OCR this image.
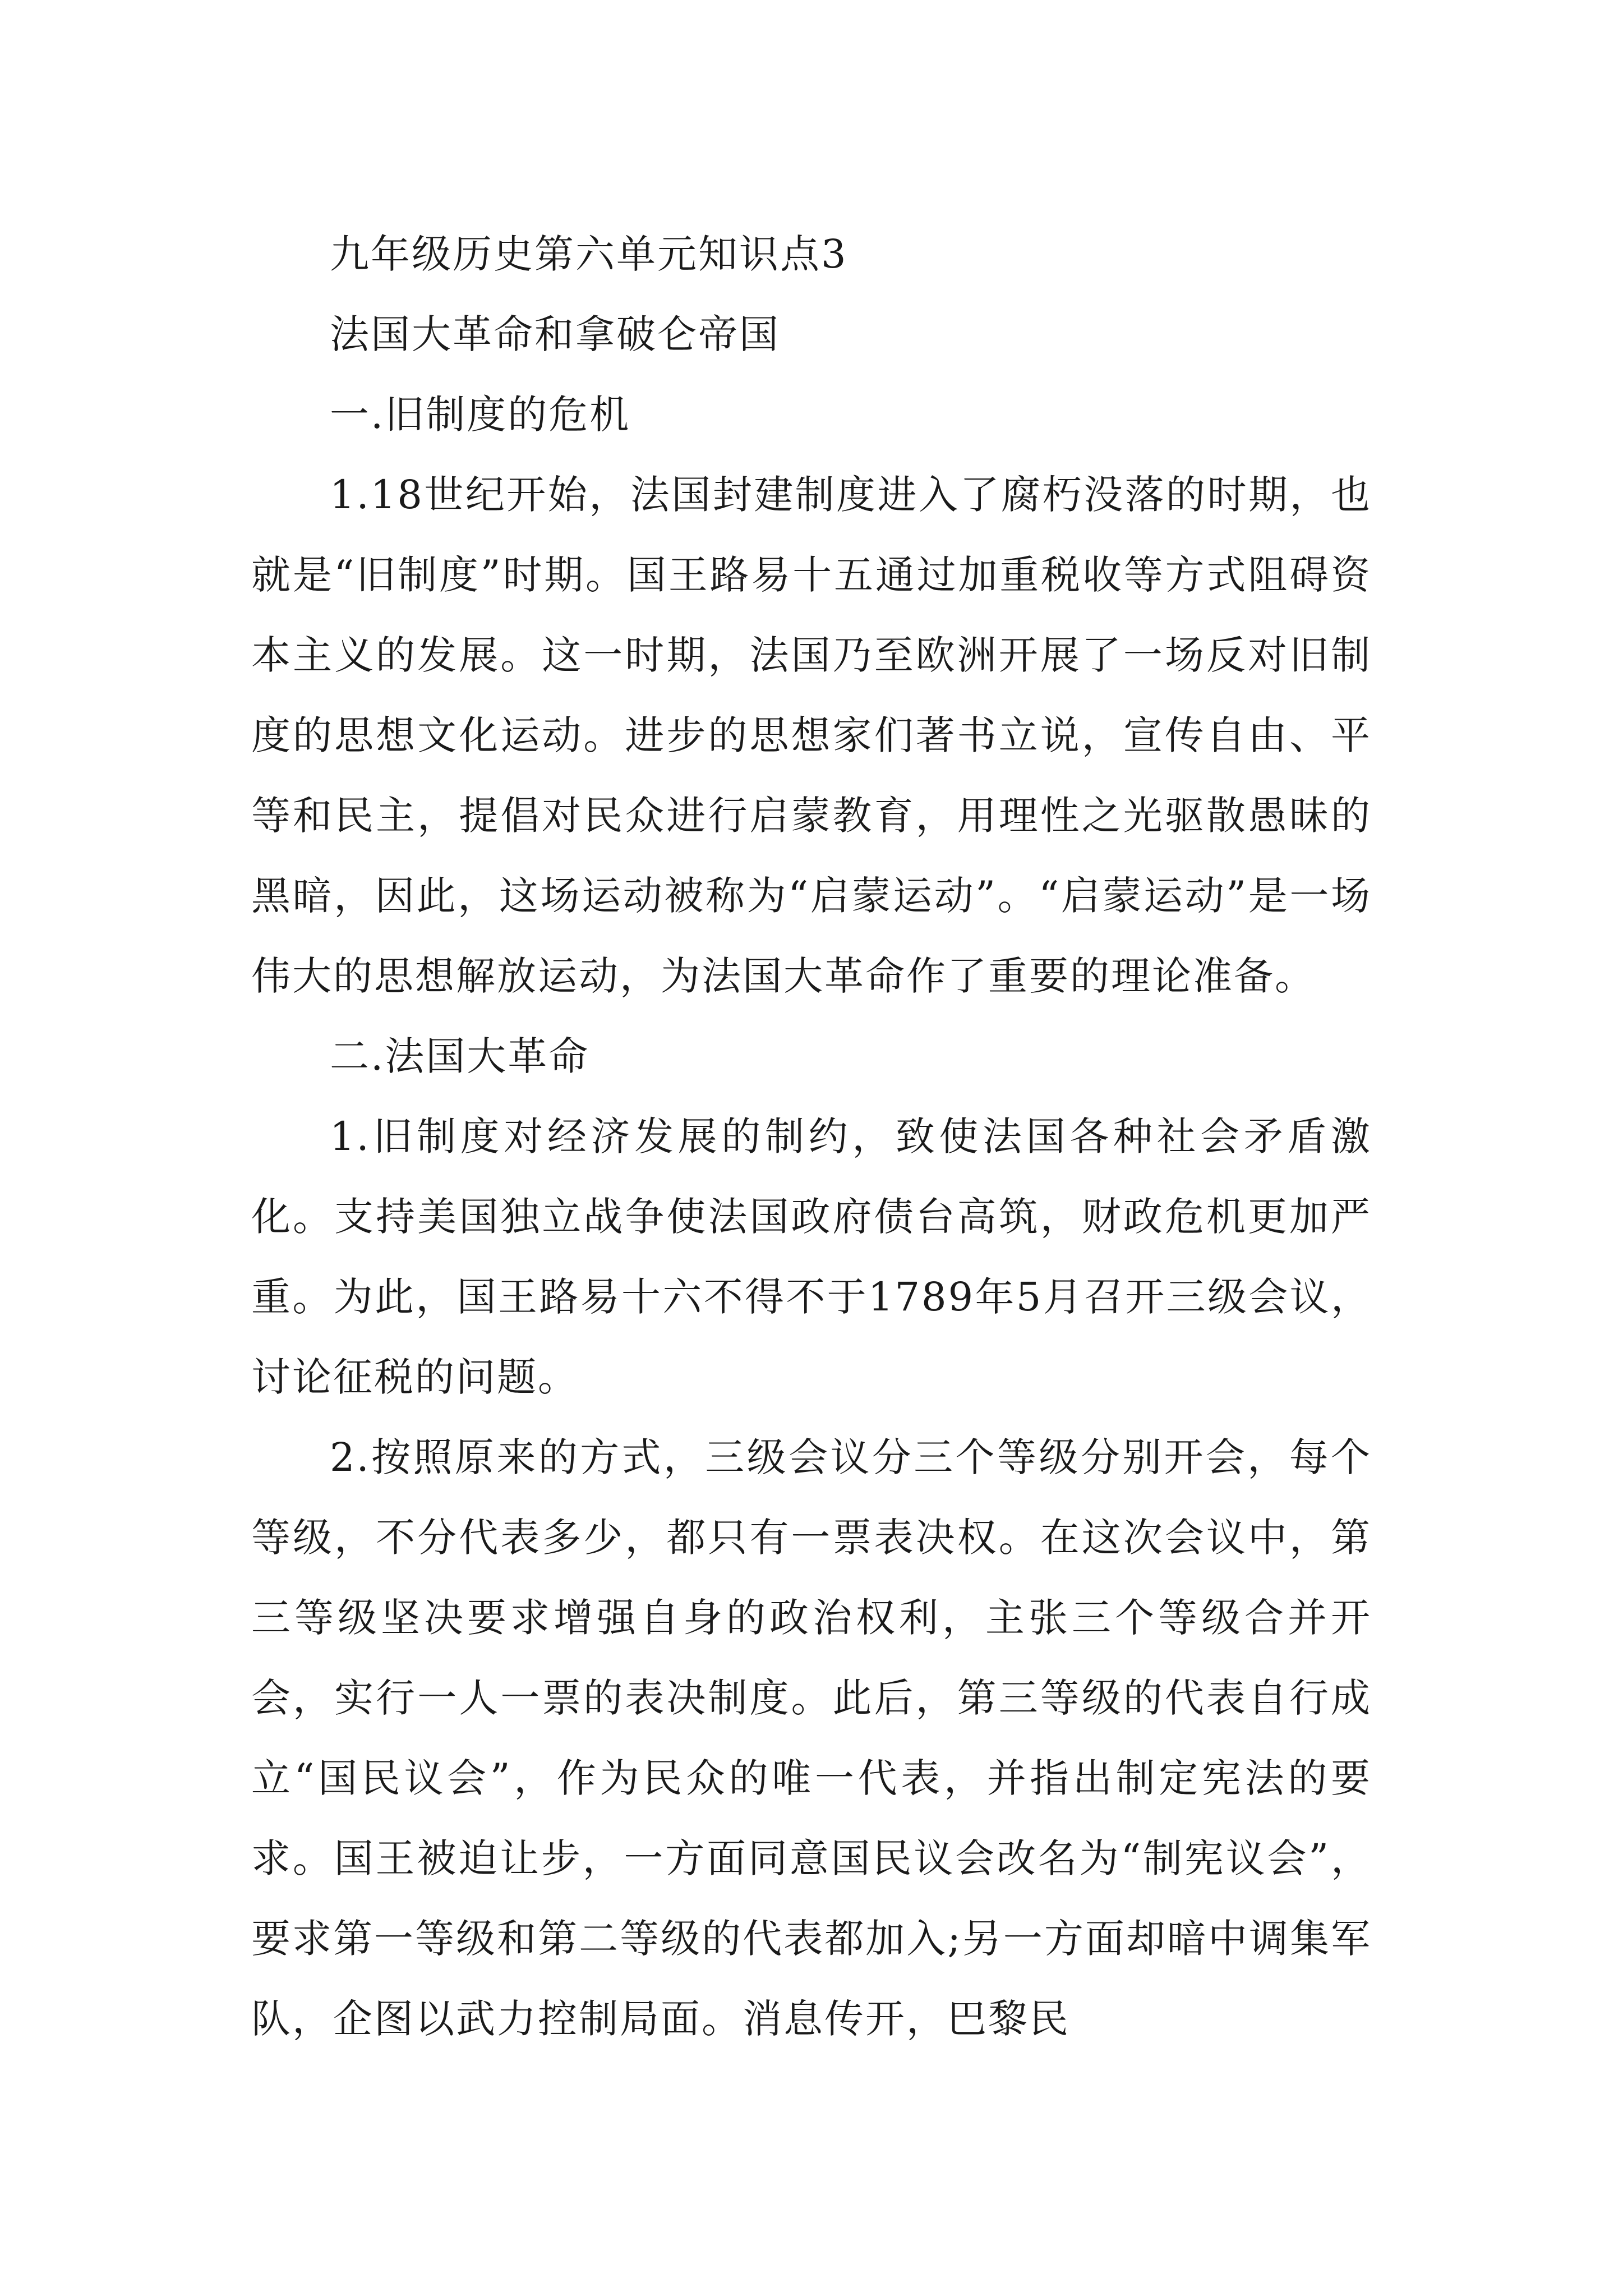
九年级历史第六单元知识点3

法国大革命和拿破仑帝国

一.旧制度的危机

1.18世纪开始，法国封建制度进入了腐朽没落的时期，也就是“旧制度”时期。国王路易十五通过加重税收等方式阻碍资本主义的发展。这一时期，法国乃至欧洲开展了一场反对旧制度的思想文化运动。进步的思想家们著书立说，宣传自由、平等和民主，提倡对民众进行启蒙教育，用理性之光驱散愚昧的黑暗，因此，这场运动被称为“启蒙运动”。“启蒙运动”是一场伟大的思想解放运动，为法国大革命作了重要的理论准备。

二.法国大革命

1.旧制度对经济发展的制约，致使法国各种社会矛盾激化。支持美国独立战争使法国政府债台高筑，财政危机更加严重。为此，国王路易十六不得不于1789年5月召开三级会议，讨论征税的问题。

2.按照原来的方式，三级会议分三个等级分别开会，每个等级，不分代表多少，都只有一票表决权。在这次会议中，第三等级坚决要求增强自身的政治权利，主张三个等级合并开会，实行一人一票的表决制度。此后，第三等级的代表自行成立“国民议会”，作为民众的唯一代表，并指出制定宪法的要求。国王被迫让步，一方面同意国民议会改名为“制宪议会”，要求第一等级和第二等级的代表都加入;另一方面却暗中调集军队，企图以武力控制局面。消息传开，巴黎民
